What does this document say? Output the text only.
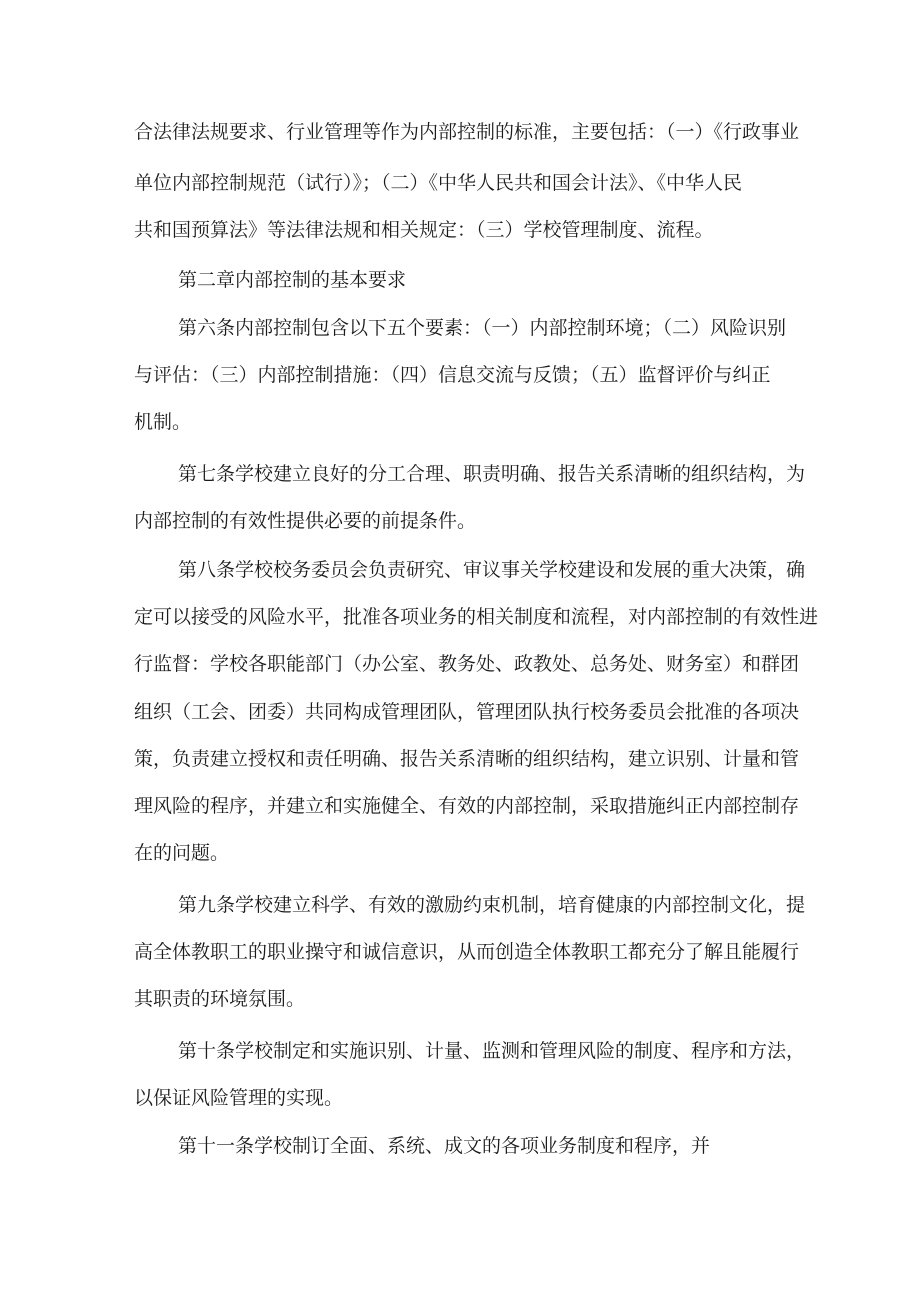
合法律法规要求、行业管理等作为内部控制的标准，主要包括：（一）《行政事业
单位内部控制规范（试行）》；（二）《中华人民共和国会计法》、《中华人民
共和国预算法》等法律法规和相关规定：（三）学校管理制度、流程。
第二章内部控制的基本要求
第六条内部控制包含以下五个要素：（一）内部控制环境；（二）风险识别
与评估：（三）内部控制措施：（四）信息交流与反馈；（五）监督评价与纠正
机制。
第七条学校建立良好的分工合理、职责明确、报告关系清晰的组织结构，为
内部控制的有效性提供必要的前提条件。
第八条学校校务委员会负责研究、审议事关学校建设和发展的重大决策，确
定可以接受的风险水平，批准各项业务的相关制度和流程，对内部控制的有效性进
行监督：学校各职能部门（办公室、教务处、政教处、总务处、财务室）和群团
组织（工会、团委）共同构成管理团队，管理团队执行校务委员会批准的各项决
策，负责建立授权和责任明确、报告关系清晰的组织结构，建立识别、计量和管
理风险的程序，并建立和实施健全、有效的内部控制，采取措施纠正内部控制存
在的问题。
第九条学校建立科学、有效的激励约束机制，培育健康的内部控制文化，提
高全体教职工的职业操守和诚信意识，从而创造全体教职工都充分了解且能履行
其职责的环境氛围。
第十条学校制定和实施识别、计量、监测和管理风险的制度、程序和方法，
以保证风险管理的实现。
第十一条学校制订全面、系统、成文的各项业务制度和程序，并
